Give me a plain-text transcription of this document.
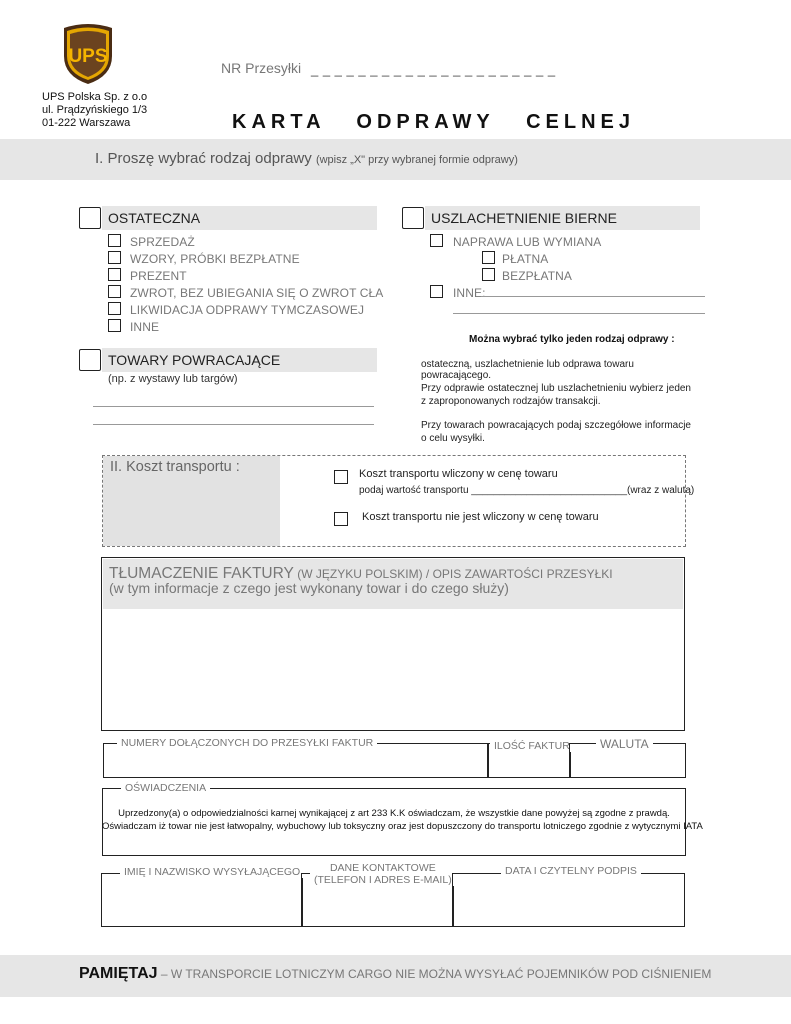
UPS
UPS Polska Sp. z o.o
ul. Prądzyńskiego 1/3
01-222 Warszawa
NR Przesyłki _ _ _ _ _ _ _ _ _ _ _ _ _ _ _ _ _ _ _ _ _
KARTA   ODPRAWY   CELNEJ
I. Proszę wybrać rodzaj odprawy (wpisz „X" przy wybranej formie odprawy)
OSTATECZNA
SPRZEDAŻ
WZORY, PRÓBKI BEZPŁATNE
PREZENT
ZWROT, BEZ UBIEGANIA SIĘ O ZWROT CŁA
LIKWIDACJA ODPRAWY TYMCZASOWEJ
INNE
TOWARY POWRACAJĄCE
(np. z wystawy lub targów)
USZLACHETNIENIE BIERNE
NAPRAWA LUB WYMIANA
PŁATNA
BEZPŁATNA
INNE:
Można wybrać tylko jeden rodzaj odprawy :
ostateczną, uszlachetnienie lub odprawa towaru powracającego.
Przy odprawie ostatecznej lub uszlachetnieniu wybierz jeden z zaproponowanych rodzajów transakcji.
Przy towarach powracających podaj szczegółowe informacje o celu wysyłki.
II. Koszt transportu :	Koszt transportu wliczony w cenę towaru
podaj wartość transportu ____________________________(wraz z walutą)
Koszt transportu nie jest wliczony w cenę towaru
TŁUMACZENIE FAKTURY (W JĘZYKU POLSKIM) / OPIS ZAWARTOŚCI PRZESYŁKI
(w tym informacje z czego jest wykonany towar i do czego służy)
NUMERY DOŁĄCZONYCH DO PRZESYŁKI FAKTUR	ILOŚĆ FAKTUR	WALUTA
OŚWIADCZENIA
Uprzedzony(a) o odpowiedzialności karnej wynikającej z art 233 K.K oświadczam, że wszystkie dane powyżej są zgodne z prawdą.
Oświadczam iż towar nie jest łatwopalny, wybuchowy lub toksyczny oraz jest dopuszczony do transportu lotniczego zgodnie z wytycznymi IATA
IMIĘ I NAZWISKO WYSYŁAJĄCEGO	DANE KONTAKTOWE
(TELEFON I ADRES E-MAIL)
DATA I CZYTELNY PODPIS
PAMIĘTAJ – W TRANSPORCIE LOTNICZYM CARGO NIE MOŻNA WYSYŁAĆ POJEMNIKÓW POD CIŚNIENIEM
